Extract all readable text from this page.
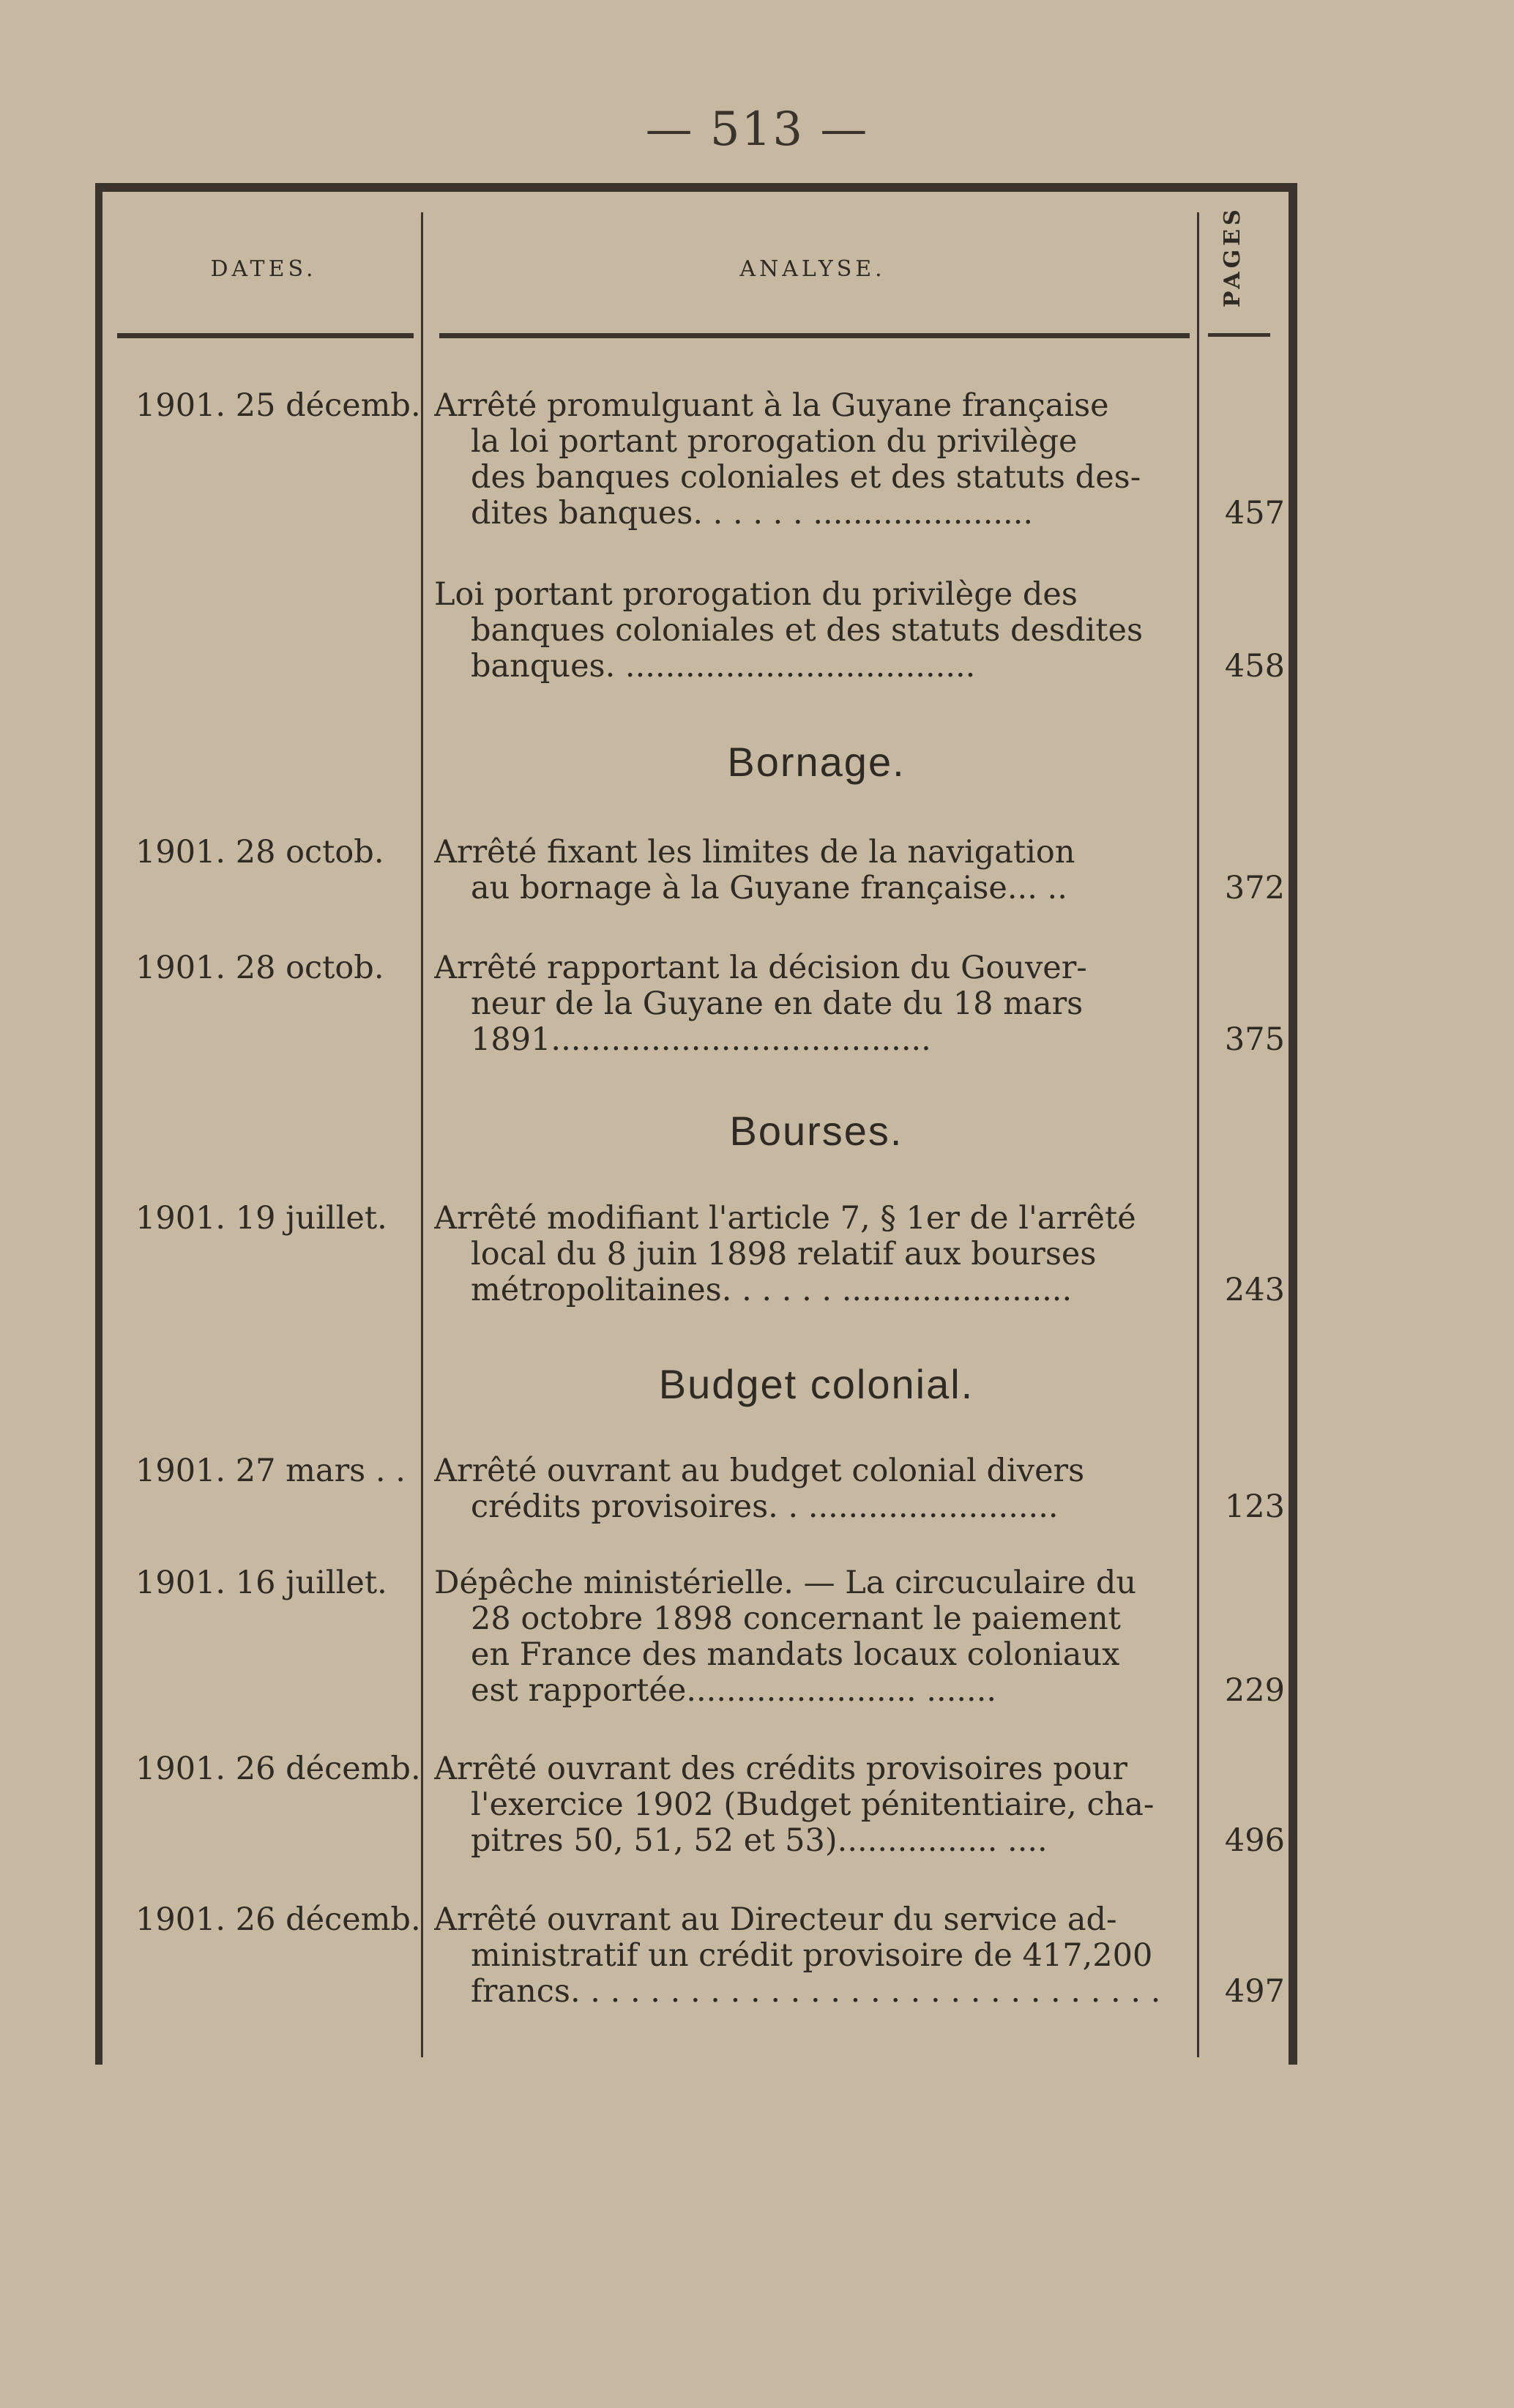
— 513 —
DATES.	ANALYSE.	PAGES
1901. 25 décemb. Arrêté promulguant à la Guyane française
la loi portant prorogation du privilège
des banques coloniales et des statuts des-
dites banques. . . . . . ......................	457
Loi portant prorogation du privilège des
banques coloniales et des statuts desdites
banques. ...................................	458
Bornage.
1901. 28 octob.	Arrêté fixant les limites de la navigation
au bornage à la Guyane française... ..	372
1901. 28 octob.	Arrêté rapportant la décision du Gouver-
neur de la Guyane en date du 18 mars
1891......................................	375
Bourses.
1901. 19 juillet.	Arrêté modifiant l'article 7, § 1er de l'arrêté
local du 8 juin 1898 relatif aux bourses
métropolitaines. . . . . . .......................	243
Budget colonial.
1901. 27 mars . . Arrêté ouvrant au budget colonial divers
crédits provisoires. . .........................	123
1901. 16 juillet.	Dépêche ministérielle. — La circuculaire du
28 octobre 1898 concernant le paiement
en France des mandats locaux coloniaux
est rapportée....................... .......	229
1901. 26 décemb. Arrêté ouvrant des crédits provisoires pour
l'exercice 1902 (Budget pénitentiaire, cha-
pitres 50, 51, 52 et 53)................ ....	496
1901. 26 décemb. Arrêté ouvrant au Directeur du service ad-
ministratif un crédit provisoire de 417,200
francs. . . . . . . . . . . . . . . . . . . . . . . . . . . . . .	497
